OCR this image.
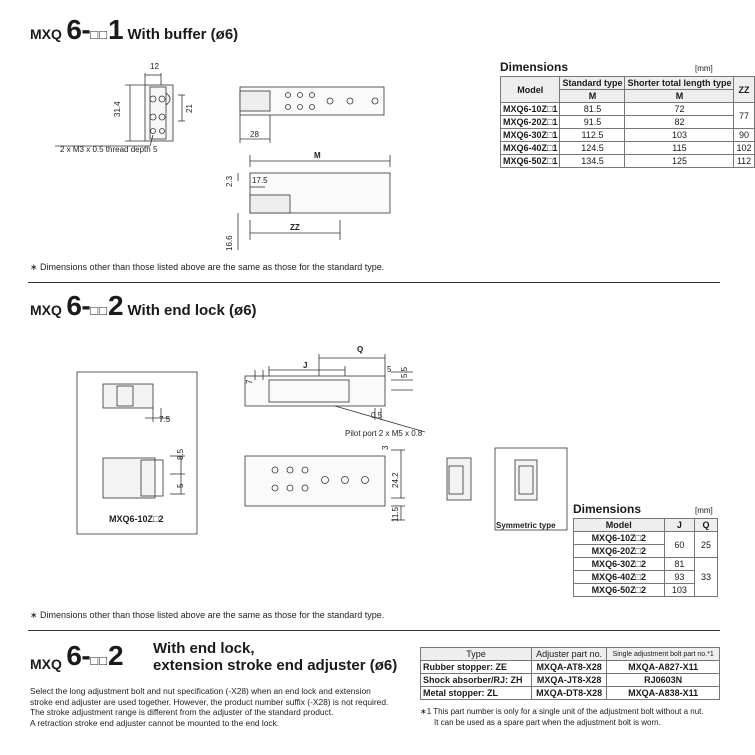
MXQ 6-□□1 With buffer (ø6)
12
31.4	21
28
2 x M3 x 0.5 thread depth 5
M
2.3 17.5
16.6
ZZ
Dimensions	[mm]
Model	Standard type	Shorter total length type	ZZ
	M	M	
MXQ6-10Z□1	81.5	72	77
MXQ6-20Z□1	91.5	82	
MXQ6-30Z□1	112.5	103	90
MXQ6-40Z□1	124.5	115	102
MXQ6-50Z□1	134.5	125	112
∗ Dimensions other than those listed above are the same as those for the standard type.
MXQ 6-□□2 With end lock (ø6)
Q
J
7
5 5.5
7.5	0.5
Pilot port 2 x M5 x 0.8
8.5
5
3
24.2
11.5
MXQ6-10Z□2
Symmetric type
Dimensions	[mm]
Model	J	Q
MXQ6-10Z□2	60	25
MXQ6-20Z□2		
MXQ6-30Z□2	81	33
MXQ6-40Z□2	93	
MXQ6-50Z□2	103	
∗ Dimensions other than those listed above are the same as those for the standard type.
MXQ 6-□□2 With end lock,
extension stroke end adjuster (ø6)
Select the long adjustment bolt and nut specification (-X28) when an end lock and extension
stroke end adjuster are used together. However, the product number suffix (-X28) is not required.
The stroke adjustment range is different from the adjuster of the standard product.
A retraction stroke end adjuster cannot be mounted to the end lock.
Type	Adjuster part no.	Single adjustment bolt part no.*1
Rubber stopper: ZE	MXQA-AT8-X28	MXQA-A827-X11
Shock absorber/RJ: ZH	MXQA-JT8-X28	RJ0603N
Metal stopper: ZL	MXQA-DT8-X28	MXQA-A838-X11
∗1 This part number is only for a single unit of the adjustment bolt without a nut.
It can be used as a spare part when the adjustment bolt is worn.
